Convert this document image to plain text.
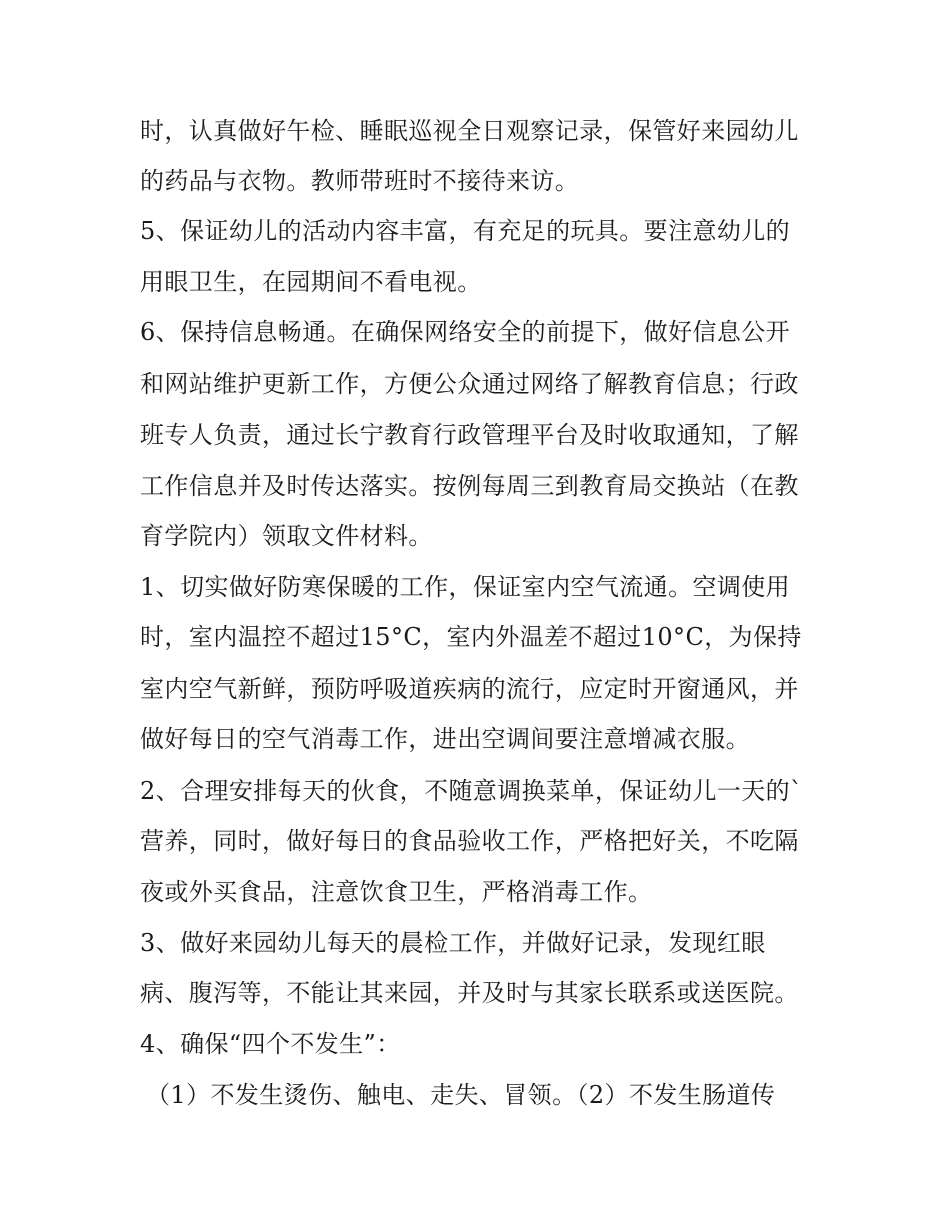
时，认真做好午检、睡眠巡视全日观察记录，保管好来园幼儿
的药品与衣物。教师带班时不接待来访。
5、保证幼儿的活动内容丰富，有充足的玩具。要注意幼儿的
用眼卫生，在园期间不看电视。
6、保持信息畅通。在确保网络安全的前提下，做好信息公开
和网站维护更新工作，方便公众通过网络了解教育信息；行政
班专人负责，通过长宁教育行政管理平台及时收取通知，了解
工作信息并及时传达落实。按例每周三到教育局交换站（在教
育学院内）领取文件材料。
1、切实做好防寒保暖的工作，保证室内空气流通。空调使用
时，室内温控不超过15°C，室内外温差不超过10°C，为保持
室内空气新鲜，预防呼吸道疾病的流行，应定时开窗通风，并
做好每日的空气消毒工作，进出空调间要注意增减衣服。
2、合理安排每天的伙食，不随意调换菜单，保证幼儿一天的`
营养，同时，做好每日的食品验收工作，严格把好关，不吃隔
夜或外买食品，注意饮食卫生，严格消毒工作。
3、做好来园幼儿每天的晨检工作，并做好记录，发现红眼
病、腹泻等，不能让其来园，并及时与其家长联系或送医院。
4、确保“四个不发生”：
（1）不发生烫伤、触电、走失、冒领。（2）不发生肠道传
